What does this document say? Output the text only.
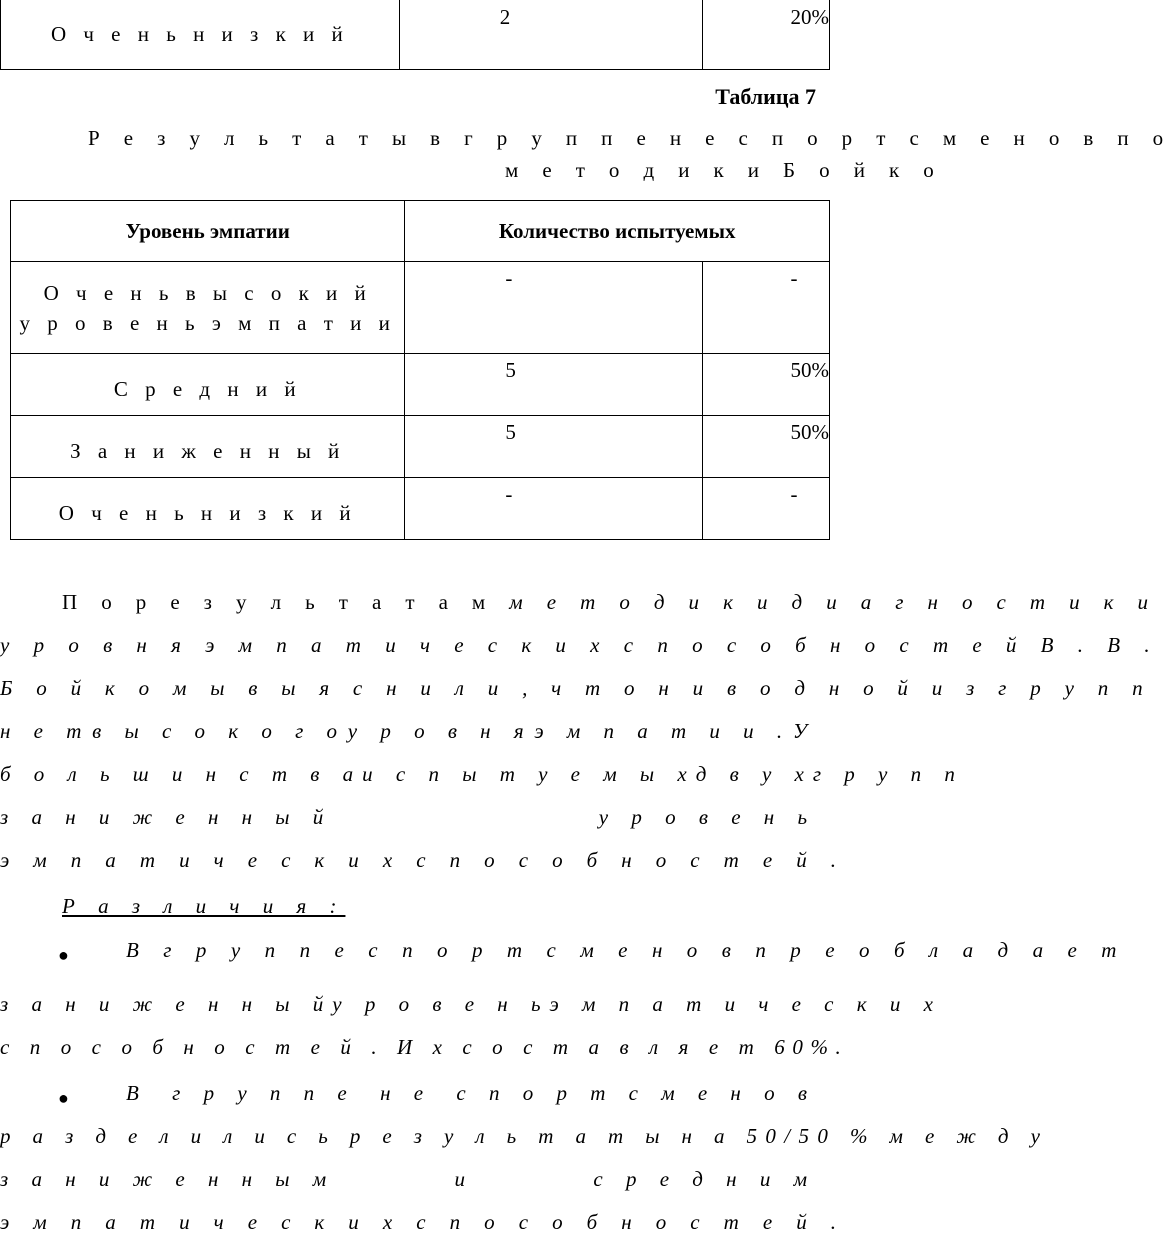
О ч е н ь н и з к и й	2	20%
Таблица 7
Р е з у л ь т а т ы в г р у п п е н е с п о р т с м е н о в п о
м е т о д и к и Б о й к о
Уровень эмпатии	Количество испытуемых	

О ч е н ь в ы с о к и й
у р о в е н ь э м п а т и и	-	-
С р е д н и й	5	50%
З а н и ж е н н ы й	5	50%
О ч е н ь н и з к и й	-	-
П о р е з у л ь т а т а м м е т о д и к и д и а г н о с т и к и
у р о в н я э м п а т и ч е с к и х с п о с о б н о с т е й В . В .
Б о й к о м ы в ы я с н и л и , ч т о н и в о д н о й и з г р у п п
н е т в ы с о к о г о у р о в н я э м п а т и и . У
б о л ь ш и н с т в а и с п ы т у е м ы х д в у х г р у п п
з а н и ж е н н ы й	у р о в е н ь
э м п а т и ч е с к и х с п о с о б н о с т е й .
Р а з л и ч и я :
●	В г р у п п е с п о р т с м е н о в п р е о б л а д а е т
з а н и ж е н н ы й у р о в е н ь э м п а т и ч е с к и х
с п о с о б н о с т е й . И х с о с т а в л я е т 60%.
●	В г р у п п е н е с п о р т с м е н о в
р а з д е л и л и с ь р е з у л ь т а т ы н а 50/50 % м е ж д у
з а н и ж е н н ы м	и	с р е д н и м
э м п а т и ч е с к и х с п о с о б н о с т е й .
